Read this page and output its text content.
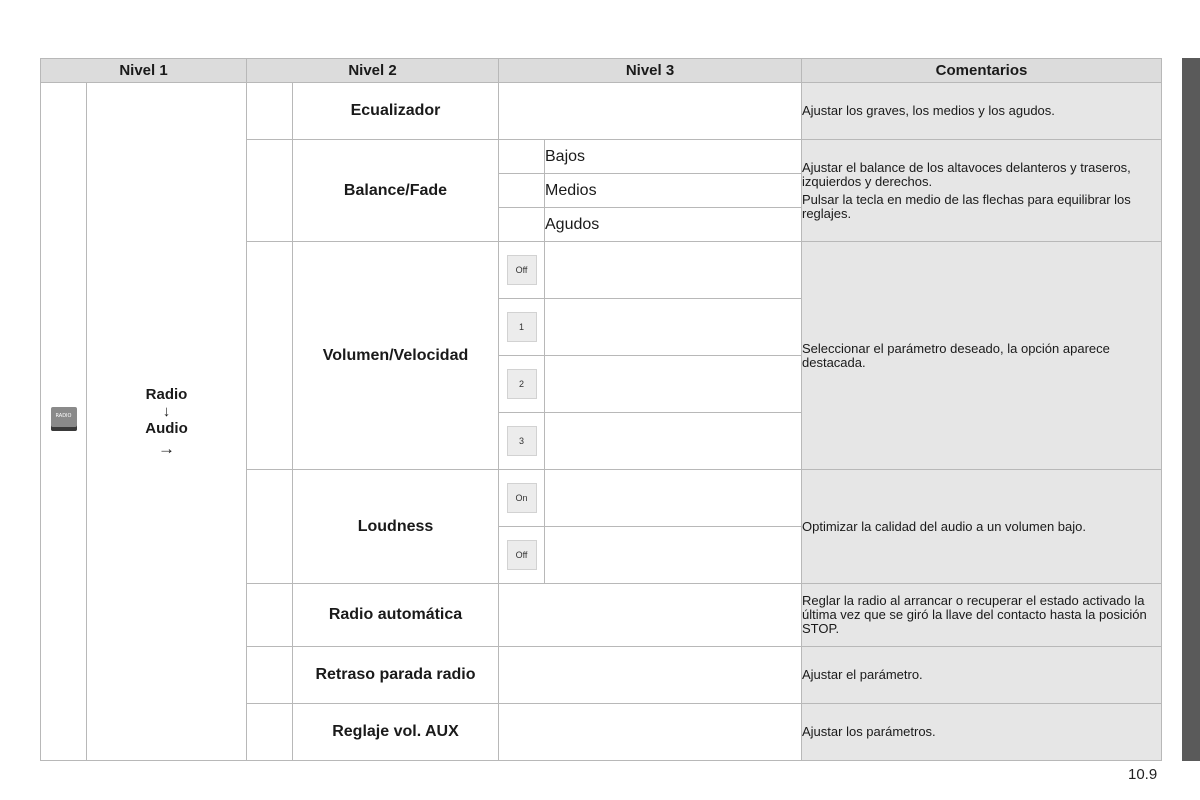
Nivel 1		Nivel 2		Nivel 3		Comentarios

RADIO	Radio
↓
Audio
→		Ecualizador			Ajustar los graves, los medios y los agudos.
			Balance/Fade		Bajos	Ajustar el balance de los altavoces delanteros y traseros, izquierdos y derechos.

Pulsar la tecla en medio de las flechas para equilibrar los reglajes.

					Medios	
					Agudos	
			Volumen/Velocidad	Off		Seleccionar el parámetro deseado, la opción aparece destacada.
				1		
				2		
				3		
			Loudness	On		Optimizar la calidad del audio a un volumen bajo.
				Off		
			Radio automática			Reglar la radio al arrancar o recuperar el estado activado la última vez que se giró la llave del contacto hasta la posición STOP.
			Retraso parada radio			Ajustar el parámetro.
			Reglaje vol. AUX			Ajustar los parámetros.
10.9
